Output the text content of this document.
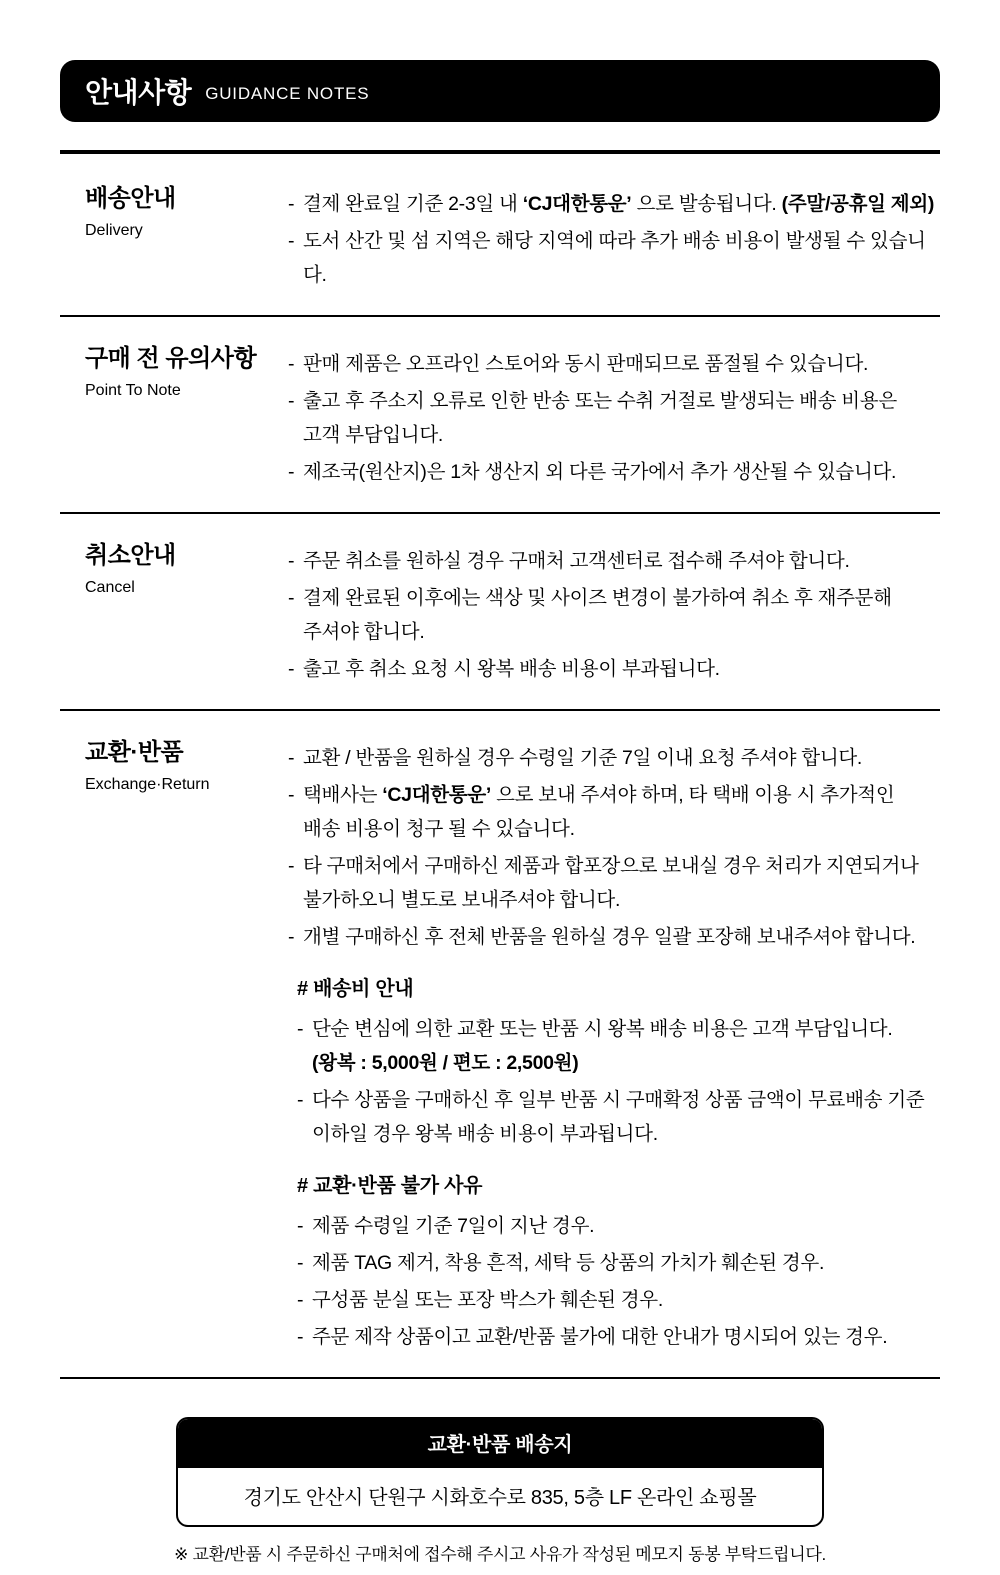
안내사항 GUIDANCE NOTES
배송안내
Delivery
- 결제 완료일 기준 2-3일 내 ‘CJ대한통운’ 으로 발송됩니다. (주말/공휴일 제외)
- 도서 산간 및 섬 지역은 해당 지역에 따라 추가 배송 비용이 발생될 수 있습니다.
구매 전 유의사항
Point To Note
- 판매 제품은 오프라인 스토어와 동시 판매되므로 품절될 수 있습니다.
- 출고 후 주소지 오류로 인한 반송 또는 수취 거절로 발생되는 배송 비용은
고객 부담입니다.
- 제조국(원산지)은 1차 생산지 외 다른 국가에서 추가 생산될 수 있습니다.
취소안내
Cancel
- 주문 취소를 원하실 경우 구매처 고객센터로 접수해 주셔야 합니다.
- 결제 완료된 이후에는 색상 및 사이즈 변경이 불가하여 취소 후 재주문해
주셔야 합니다.
- 출고 후 취소 요청 시 왕복 배송 비용이 부과됩니다.
교환·반품
Exchange·Return
- 교환 / 반품을 원하실 경우 수령일 기준 7일 이내 요청 주셔야 합니다.
- 택배사는 ‘CJ대한통운’ 으로 보내 주셔야 하며, 타 택배 이용 시 추가적인
배송 비용이 청구 될 수 있습니다.
- 타 구매처에서 구매하신 제품과 합포장으로 보내실 경우 처리가 지연되거나
불가하오니 별도로 보내주셔야 합니다.
- 개별 구매하신 후 전체 반품을 원하실 경우 일괄 포장해 보내주셔야 합니다.
# 배송비 안내
- 단순 변심에 의한 교환 또는 반품 시 왕복 배송 비용은 고객 부담입니다.
(왕복 : 5,000원 / 편도 : 2,500원)
- 다수 상품을 구매하신 후 일부 반품 시 구매확정 상품 금액이 무료배송 기준
이하일 경우 왕복 배송 비용이 부과됩니다.
# 교환·반품 불가 사유
- 제품 수령일 기준 7일이 지난 경우.
- 제품 TAG 제거, 착용 흔적, 세탁 등 상품의 가치가 훼손된 경우.
- 구성품 분실 또는 포장 박스가 훼손된 경우.
- 주문 제작 상품이고 교환/반품 불가에 대한 안내가 명시되어 있는 경우.
교환·반품 배송지
경기도 안산시 단원구 시화호수로 835, 5층 LF 온라인 쇼핑몰
※ 교환/반품 시 주문하신 구매처에 접수해 주시고 사유가 작성된 메모지 동봉 부탁드립니다.
